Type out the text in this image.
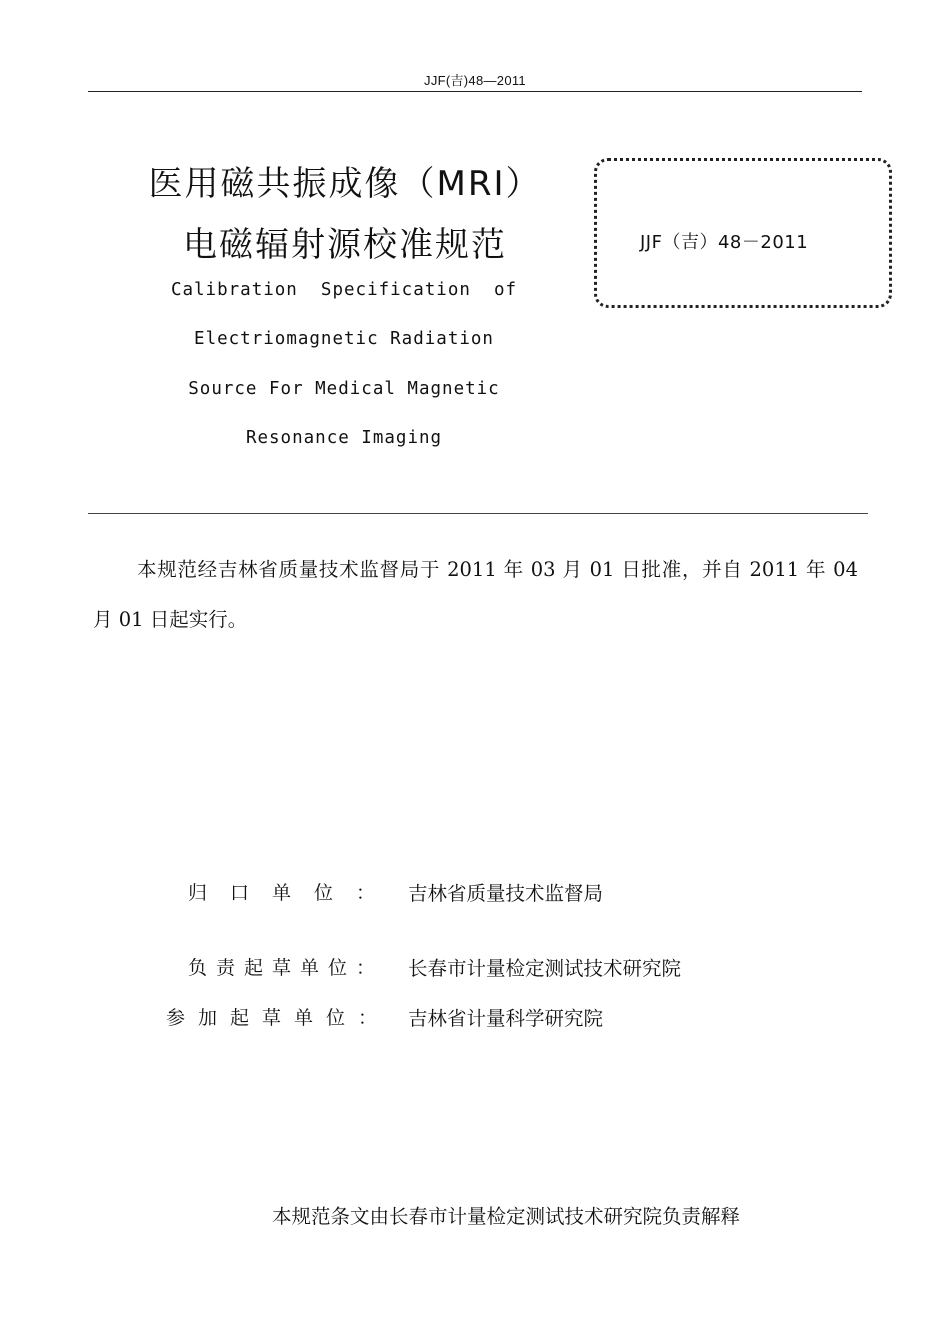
JJF(吉)48—2011
医用磁共振成像（MRI）
电磁辐射源校准规范
Calibration  Specification  of
Electriomagnetic Radiation
Source For Medical Magnetic
Resonance Imaging
JJF（吉）48－2011
本规范经吉林省质量技术监督局于 2011 年 03 月 01 日批准，并自 2011 年 04 月 01 日起实行。
归口单位： 吉林省质量技术监督局
负责起草单位： 长春市计量检定测试技术研究院
参加起草单位： 吉林省计量科学研究院
本规范条文由长春市计量检定测试技术研究院负责解释
